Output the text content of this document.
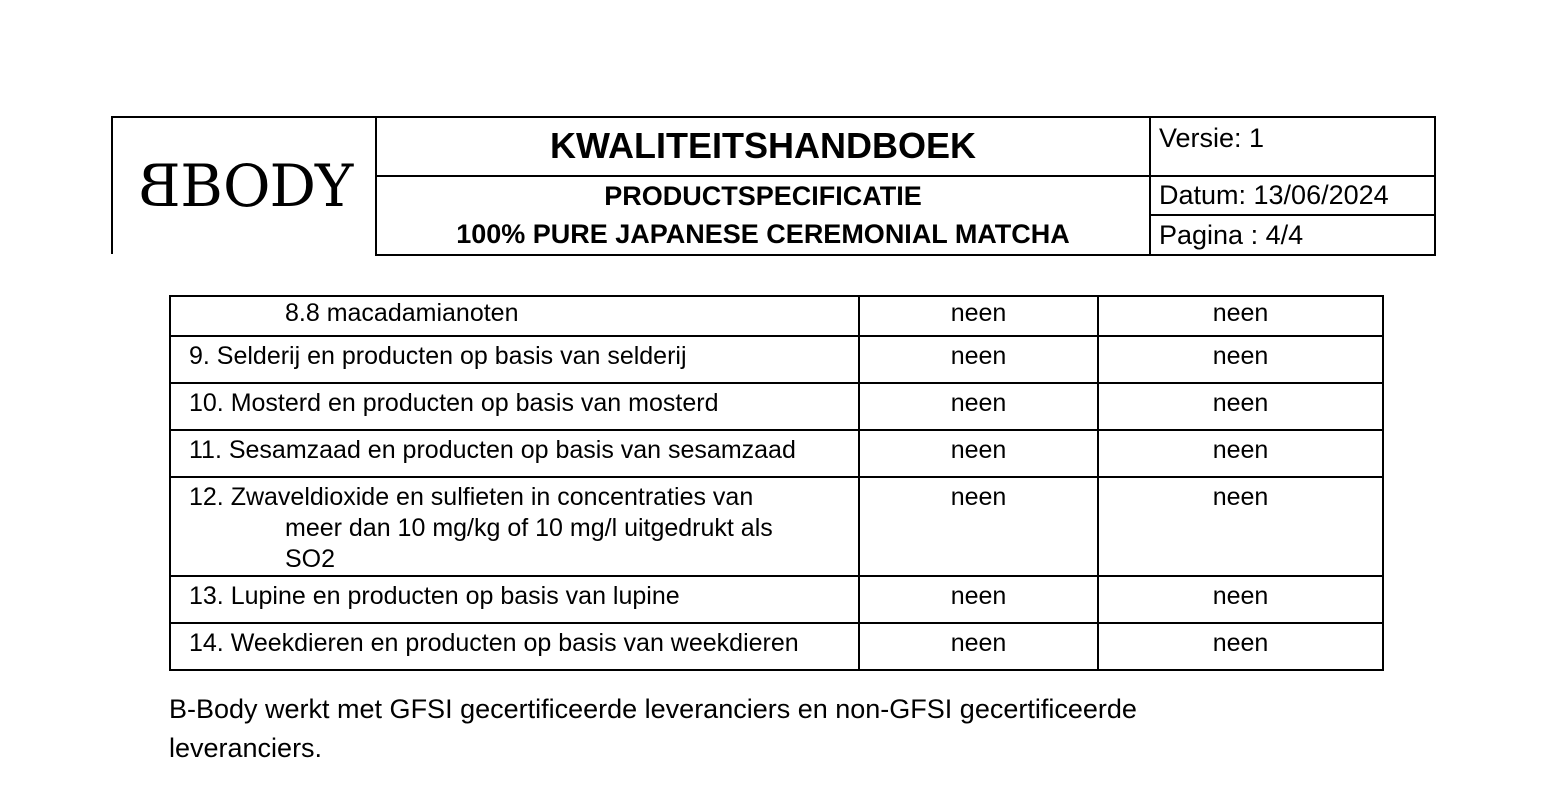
B BODY
KWALITEITSHANDBOEK
PRODUCTSPECIFICATIE
100% PURE JAPANESE CEREMONIAL MATCHA
Versie: 1
Datum: 13/06/2024
Pagina : 4/4
8.8 macadamianoten	neen	neen
9. Selderij en producten op basis van selderij	neen	neen
10. Mosterd en producten op basis van mosterd	neen	neen
11. Sesamzaad en producten op basis van sesamzaad	neen	neen

12. Zwaveldioxide en sulfieten in concentraties van
meer dan 10 mg/kg of 10 mg/l uitgedrukt als
SO2	neen	neen
13. Lupine en producten op basis van lupine	neen	neen
14. Weekdieren en producten op basis van weekdieren	neen	neen
B-Body werkt met GFSI gecertificeerde leveranciers en non-GFSI gecertificeerde leveranciers.
